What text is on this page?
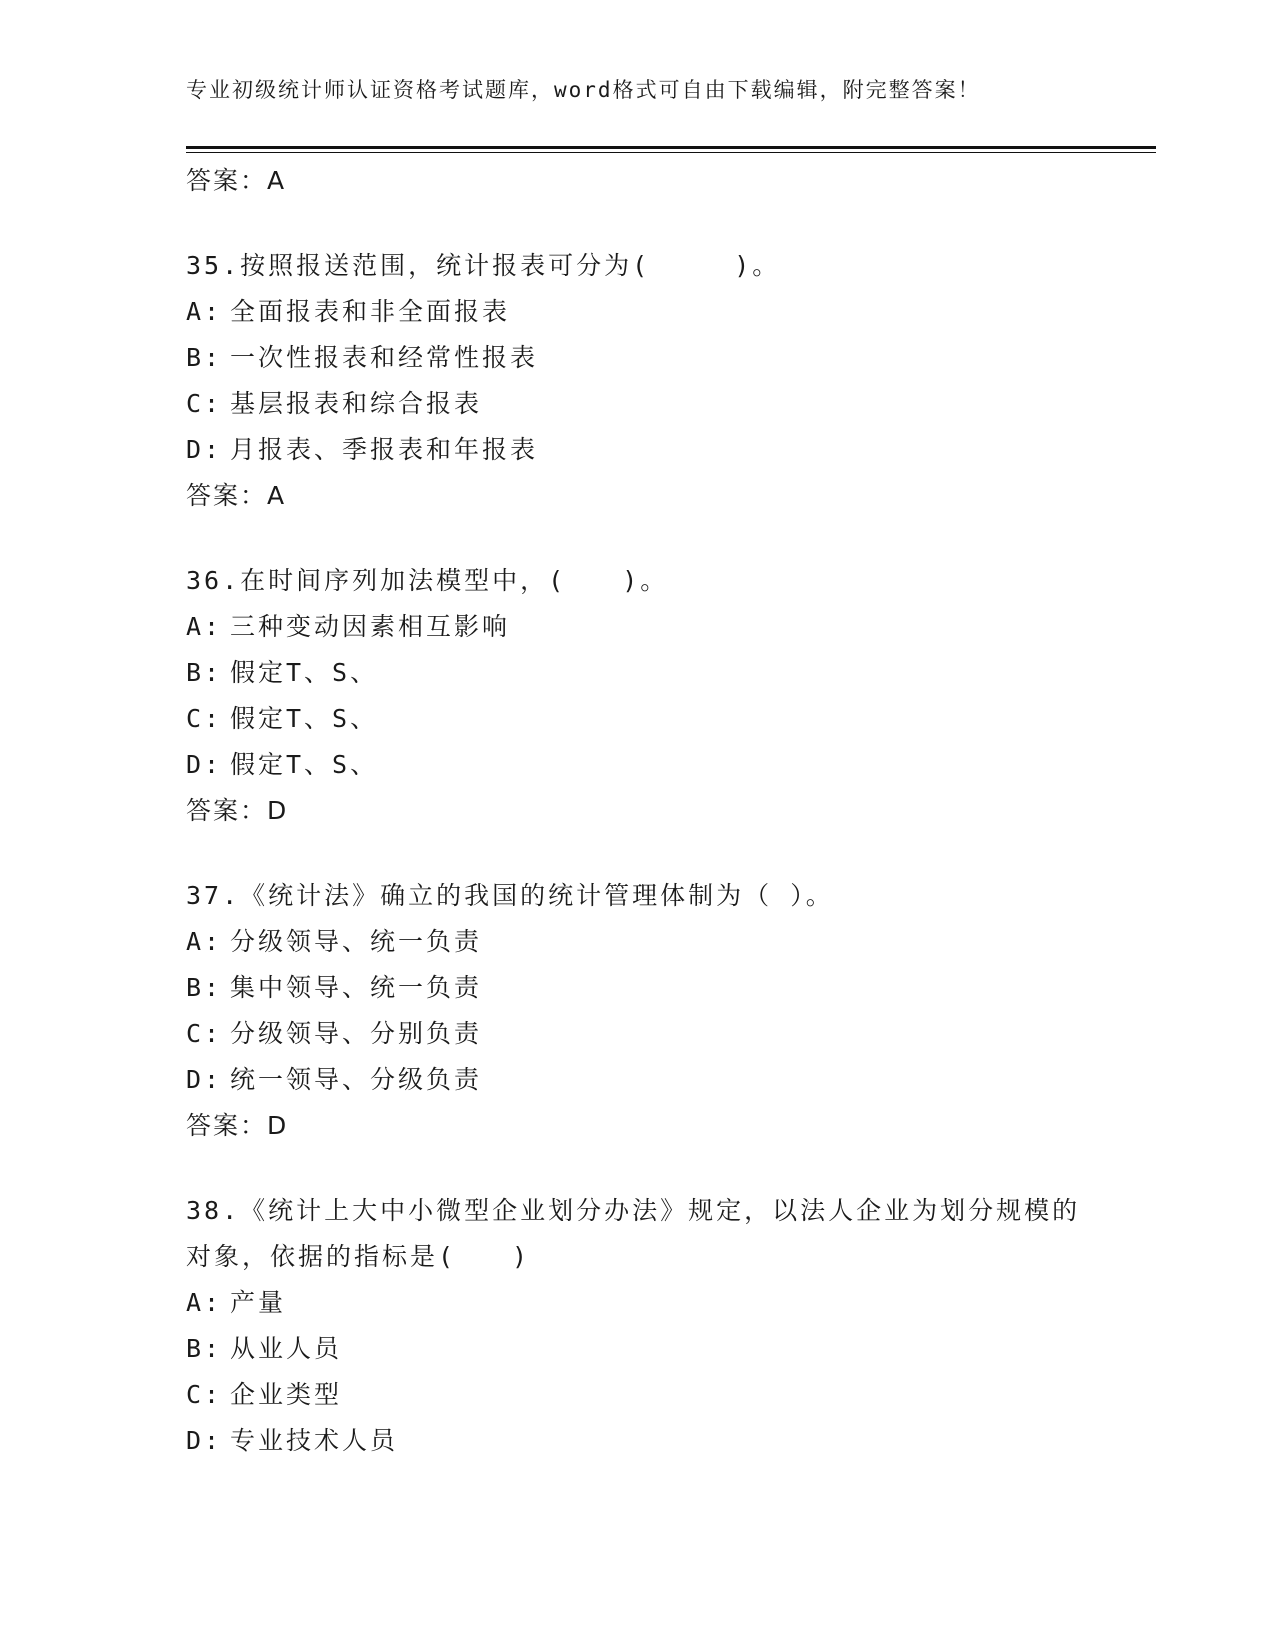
专业初级统计师认证资格考试题库，word格式可自由下载编辑，附完整答案！
答案：A
35.按照报送范围，统计报表可分为(　　　)。
A: 全面报表和非全面报表
B: 一次性报表和经常性报表
C: 基层报表和综合报表
D: 月报表、季报表和年报表
答案：A
36.在时间序列加法模型中，(　　)。
A: 三种变动因素相互影响
B: 假定T、S、
C: 假定T、S、
D: 假定T、S、
答案：D
37.《统计法》确立的我国的统计管理体制为（ ）。
A: 分级领导、统一负责
B: 集中领导、统一负责
C: 分级领导、分别负责
D: 统一领导、分级负责
答案：D
38.《统计上大中小微型企业划分办法》规定，以法人企业为划分规模的对象，依据的指标是(　　)
A: 产量
B: 从业人员
C: 企业类型
D: 专业技术人员
